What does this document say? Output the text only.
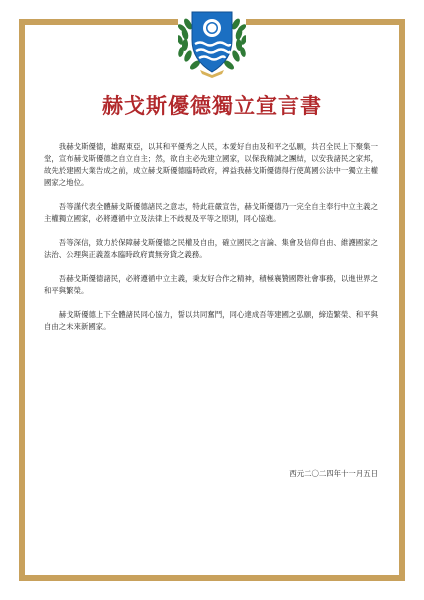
赫戈斯優德獨立宣言書

我赫戈斯優德，雄踞東亞，以其和平優秀之人民，本愛好自由及和平之弘願，共召全民上下聚集一堂，宣布赫戈斯優德之自立自主；然，欲自主必先建立國家，以保我精誠之團結，以安我諸民之家邦，故先於建國大業告成之前，成立赫戈斯優德臨時政府，裨益我赫戈斯優德得行使萬國公法中一獨立主權國家之地位。

吾等謹代表全體赫戈斯優德諸民之意志，特此莊嚴宣告，赫戈斯優德乃一完全自主奉行中立主義之主權獨立國家，必將遵循中立及法律上不歧視及平等之原則，同心協進。

吾等深信，致力於保障赫戈斯優德之民權及自由，確立國民之言論、集會及信仰自由、維護國家之法治、公理與正義蓋本臨時政府責無旁貸之義務。

吾赫戈斯優德諸民，必將遵循中立主義，秉友好合作之精神，積極襄贊國際社會事務，以進世界之和平與繁榮。

赫戈斯優德上下全體諸民同心協力，誓以共同奮鬥，同心達成吾等建國之弘願，締造繁榮、和平與自由之未來新國家。

西元二〇二四年十一月五日
